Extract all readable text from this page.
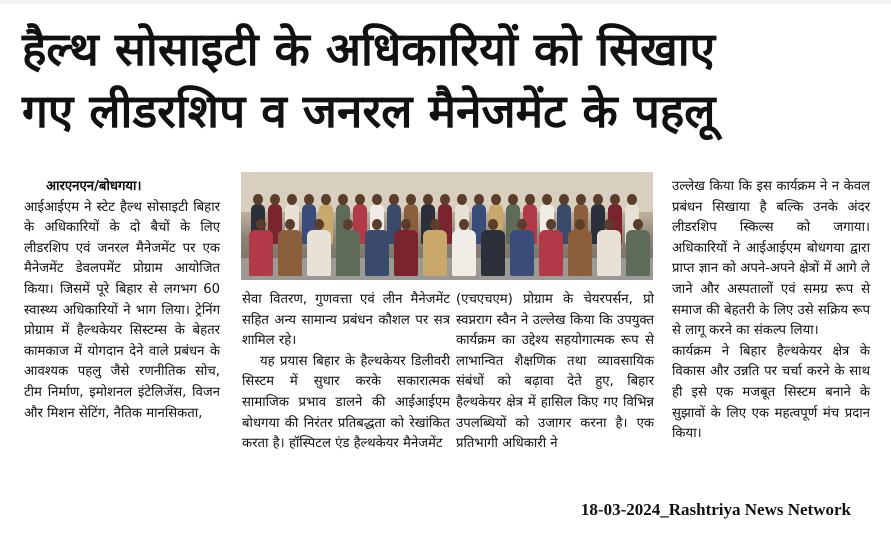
हैल्थ सोसाइटी के अधिकारियों को सिखाए
गए लीडरशिप व जनरल मैनेजमेंट के पहलू
आरएनएन/बोधगया।
आईआईएम ने स्टेट हैल्थ सोसाइटी बिहार के अधिकारियों के दो बैचों के लिए लीडरशिप एवं जनरल मैनेजमेंट पर एक मैनेजमेंट डेवलपमेंट प्रोग्राम आयोजित किया। जिसमें पूरे बिहार से लगभग 60 स्वास्थ्य अधिकारियों ने भाग लिया। ट्रेनिंग प्रोग्राम में हैल्थकेयर सिस्टम्स के बेहतर कामकाज में योगदान देने वाले प्रबंधन के आवश्यक पहलु जैसे रणनीतिक सोच, टीम निर्माण, इमोशनल इंटेलिजेंस, विजन और मिशन सेटिंग, नैतिक मानसिकता,
सेवा वितरण, गुणवत्ता एवं लीन मैनेजमेंट सहित अन्य सामान्य प्रबंधन कौशल पर सत्र शामिल रहे।
यह प्रयास बिहार के हैल्थकेयर डिलीवरी सिस्टम में सुधार करके सकारात्मक सामाजिक प्रभाव डालने की आईआईएम बोधगया की निरंतर प्रतिबद्धता को रेखांकित करता है। हॉस्पिटल एंड हैल्थकेयर मैनेजमेंट
(एचएचएम) प्रोग्राम के चेयरपर्सन, प्रो स्वप्नराग स्वैन ने उल्लेख किया कि उपयुक्त कार्यक्रम का उद्देश्य सहयोगात्मक रूप से लाभान्वित शैक्षणिक तथा व्यावसायिक संबंधों को बढ़ावा देते हुए, बिहार हैल्थकेयर क्षेत्र में हासिल किए गए विभिन्न उपलब्धियों को उजागर करना है। एक प्रतिभागी अधिकारी ने
उल्लेख किया कि इस कार्यक्रम ने न केवल प्रबंधन सिखाया है बल्कि उनके अंदर लीडरशिप स्किल्स को जगाया। अधिकारियों ने आईआईएम बोधगया द्वारा प्राप्त ज्ञान को अपने-अपने क्षेत्रों में आगे ले जाने और अस्पतालों एवं समग्र रूप से समाज की बेहतरी के लिए उसे सक्रिय रूप से लागू करने का संकल्प लिया।
कार्यक्रम ने बिहार हैल्थकेयर क्षेत्र के विकास और उन्नति पर चर्चा करने के साथ ही इसे एक मजबूत सिस्टम बनाने के सुझावों के लिए एक महत्वपूर्ण मंच प्रदान किया।
18-03-2024_Rashtriya News Network
